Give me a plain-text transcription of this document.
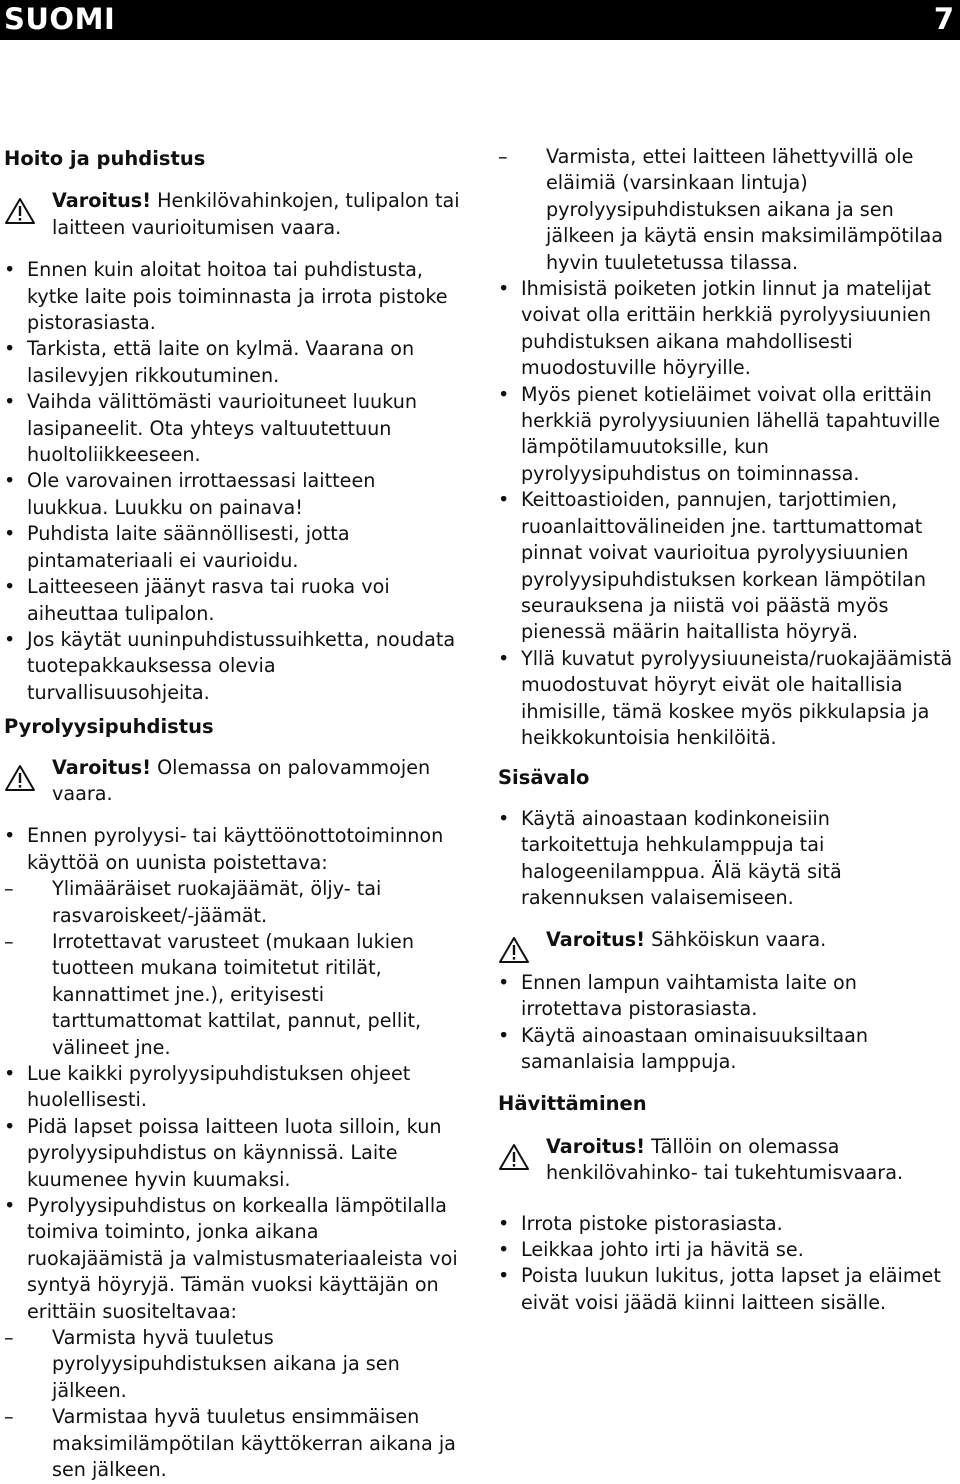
SUOMI	7
Hoito ja puhdistus
Varoitus! Henkilövahinkojen, tulipalon tai laitteen vaurioitumisen vaara.
• Ennen kuin aloitat hoitoa tai puhdistusta, kytke laite pois toiminnasta ja irrota pistoke pistorasiasta.
• Tarkista, että laite on kylmä. Vaarana on lasilevyjen rikkoutuminen.
• Vaihda välittömästi vaurioituneet luukun lasipaneelit. Ota yhteys valtuutettuun huoltoliikkeeseen.
• Ole varovainen irrottaessasi laitteen luukkua. Luukku on painava!
• Puhdista laite säännöllisesti, jotta pintamateriaali ei vaurioidu.
• Laitteeseen jäänyt rasva tai ruoka voi aiheuttaa tulipalon.
• Jos käytät uuninpuhdistussuihketta, noudata tuotepakkauksessa olevia turvallisuusohjeita.
Pyrolyysipuhdistus
Varoitus! Olemassa on palovammojen vaara.
• Ennen pyrolyysi- tai käyttöönottotoiminnon käyttöä on uunista poistettava:
– Ylimääräiset ruokajäämät, öljy- tai rasvaroiskeet/-jäämät.
– Irrotettavat varusteet (mukaan lukien tuotteen mukana toimitetut ritilät, kannattimet jne.), erityisesti tarttumattomat kattilat, pannut, pellit, välineet jne.
• Lue kaikki pyrolyysipuhdistuksen ohjeet huolellisesti.
• Pidä lapset poissa laitteen luota silloin, kun pyrolyysipuhdistus on käynnissä. Laite kuumenee hyvin kuumaksi.
• Pyrolyysipuhdistus on korkealla lämpötilalla toimiva toiminto, jonka aikana ruokajäämistä ja valmistusmateriaaleista voi syntyä höyryjä. Tämän vuoksi käyttäjän on erittäin suositeltavaa:
– Varmista hyvä tuuletus pyrolyysipuhdistuksen aikana ja sen jälkeen.
– Varmistaa hyvä tuuletus ensimmäisen maksimilämpötilan käyttökerran aikana ja sen jälkeen.
– Varmista, ettei laitteen lähettyvillä ole eläimiä (varsinkaan lintuja) pyrolyysipuhdistuksen aikana ja sen jälkeen ja käytä ensin maksimilämpötilaa hyvin tuuletetussa tilassa.
• Ihmisistä poiketen jotkin linnut ja matelijat voivat olla erittäin herkkiä pyrolyysiuunien puhdistuksen aikana mahdollisesti muodostuville höyryille.
• Myös pienet kotieläimet voivat olla erittäin herkkiä pyrolyysiuunien lähellä tapahtuville lämpötilamuutoksille, kun pyrolyysipuhdistus on toiminnassa.
• Keittoastioiden, pannujen, tarjottimien, ruoanlaittovälineiden jne. tarttumattomat pinnat voivat vaurioitua pyrolyysiuunien pyrolyysipuhdistuksen korkean lämpötilan seurauksena ja niistä voi päästä myös pienessä määrin haitallista höyryä.
• Yllä kuvatut pyrolyysiuuneista/ruokajäämistä muodostuvat höyryt eivät ole haitallisia ihmisille, tämä koskee myös pikkulapsia ja heikkokuntoisia henkilöitä.
Sisävalo
• Käytä ainoastaan kodinkoneisiin tarkoitettuja hehkulamppuja tai halogeenilamppua. Älä käytä sitä rakennuksen valaisemiseen.
Varoitus! Sähköiskun vaara.
• Ennen lampun vaihtamista laite on irrotettava pistorasiasta.
• Käytä ainoastaan ominaisuuksiltaan samanlaisia lamppuja.
Hävittäminen
Varoitus! Tällöin on olemassa henkilövahinko- tai tukehtumisvaara.
• Irrota pistoke pistorasiasta.
• Leikkaa johto irti ja hävitä se.
• Poista luukun lukitus, jotta lapset ja eläimet eivät voisi jäädä kiinni laitteen sisälle.
